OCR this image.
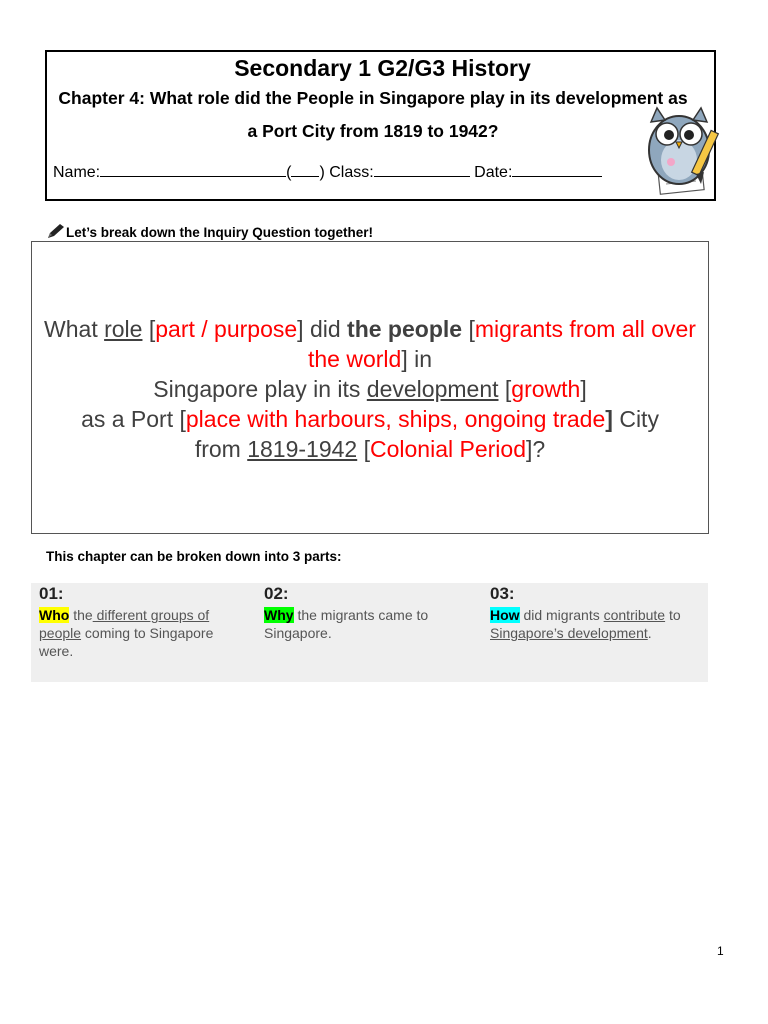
Secondary 1 G2/G3 History
Chapter 4: What role did the People in Singapore play in its development as a Port City from 1819 to 1942?
Name:	( ) Class:	Date:
Let’s break down the Inquiry Question together!
What role [part / purpose] did the people [migrants from all over the world] in
Singapore play in its development [growth]
as a Port [place with harbours, ships, ongoing trade] City
from 1819-1942 [Colonial Period]?
This chapter can be broken down into 3 parts:
01:
Who the different groups of people coming to Singapore were.
02:
Why the migrants came to Singapore.
03:
How did migrants contribute to Singapore’s development.
1
